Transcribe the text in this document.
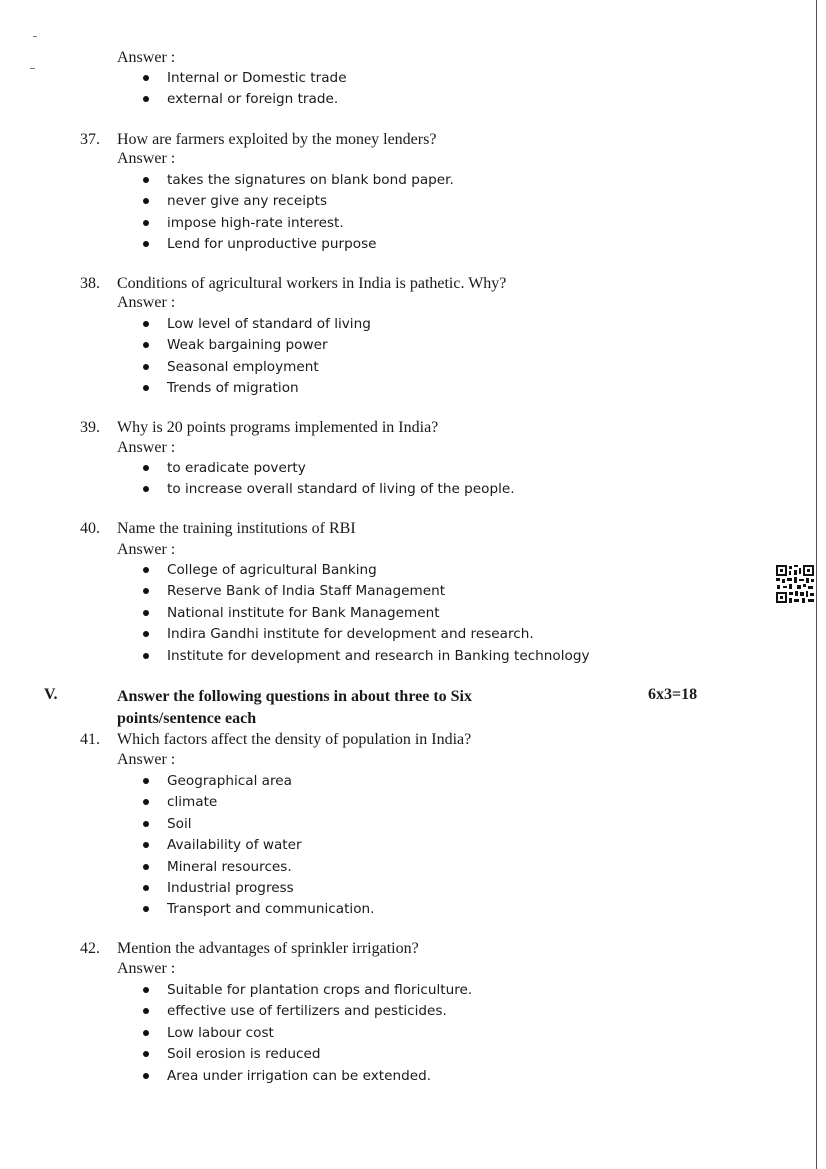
Answer :
Internal or Domestic trade
external or foreign trade.
37.	How are farmers exploited by the money lenders?
Answer :
takes the signatures on blank bond paper.
never give any receipts
impose high-rate interest.
Lend for unproductive purpose
38.	Conditions of agricultural workers in India is pathetic. Why?
Answer :
Low level of standard of living
Weak bargaining power
Seasonal employment
Trends of migration
39.	Why is 20 points programs implemented in India?
Answer :
to eradicate poverty
to increase overall standard of living of the people.
40.	Name the training institutions of RBI
Answer :
College of agricultural Banking
Reserve Bank of India Staff Management
National institute for Bank Management
Indira Gandhi institute for development and research.
Institute for development and research in Banking technology
V.	Answer the following questions in about three to Six points/sentence each
6x3=18
41.	Which factors affect the density of population in India?
Answer :
Geographical area
climate
Soil
Availability of water
Mineral resources.
Industrial progress
Transport and communication.
42.	Mention the advantages of sprinkler irrigation?
Answer :
Suitable for plantation crops and floriculture.
effective use of fertilizers and pesticides.
Low labour cost
Soil erosion is reduced
Area under irrigation can be extended.
